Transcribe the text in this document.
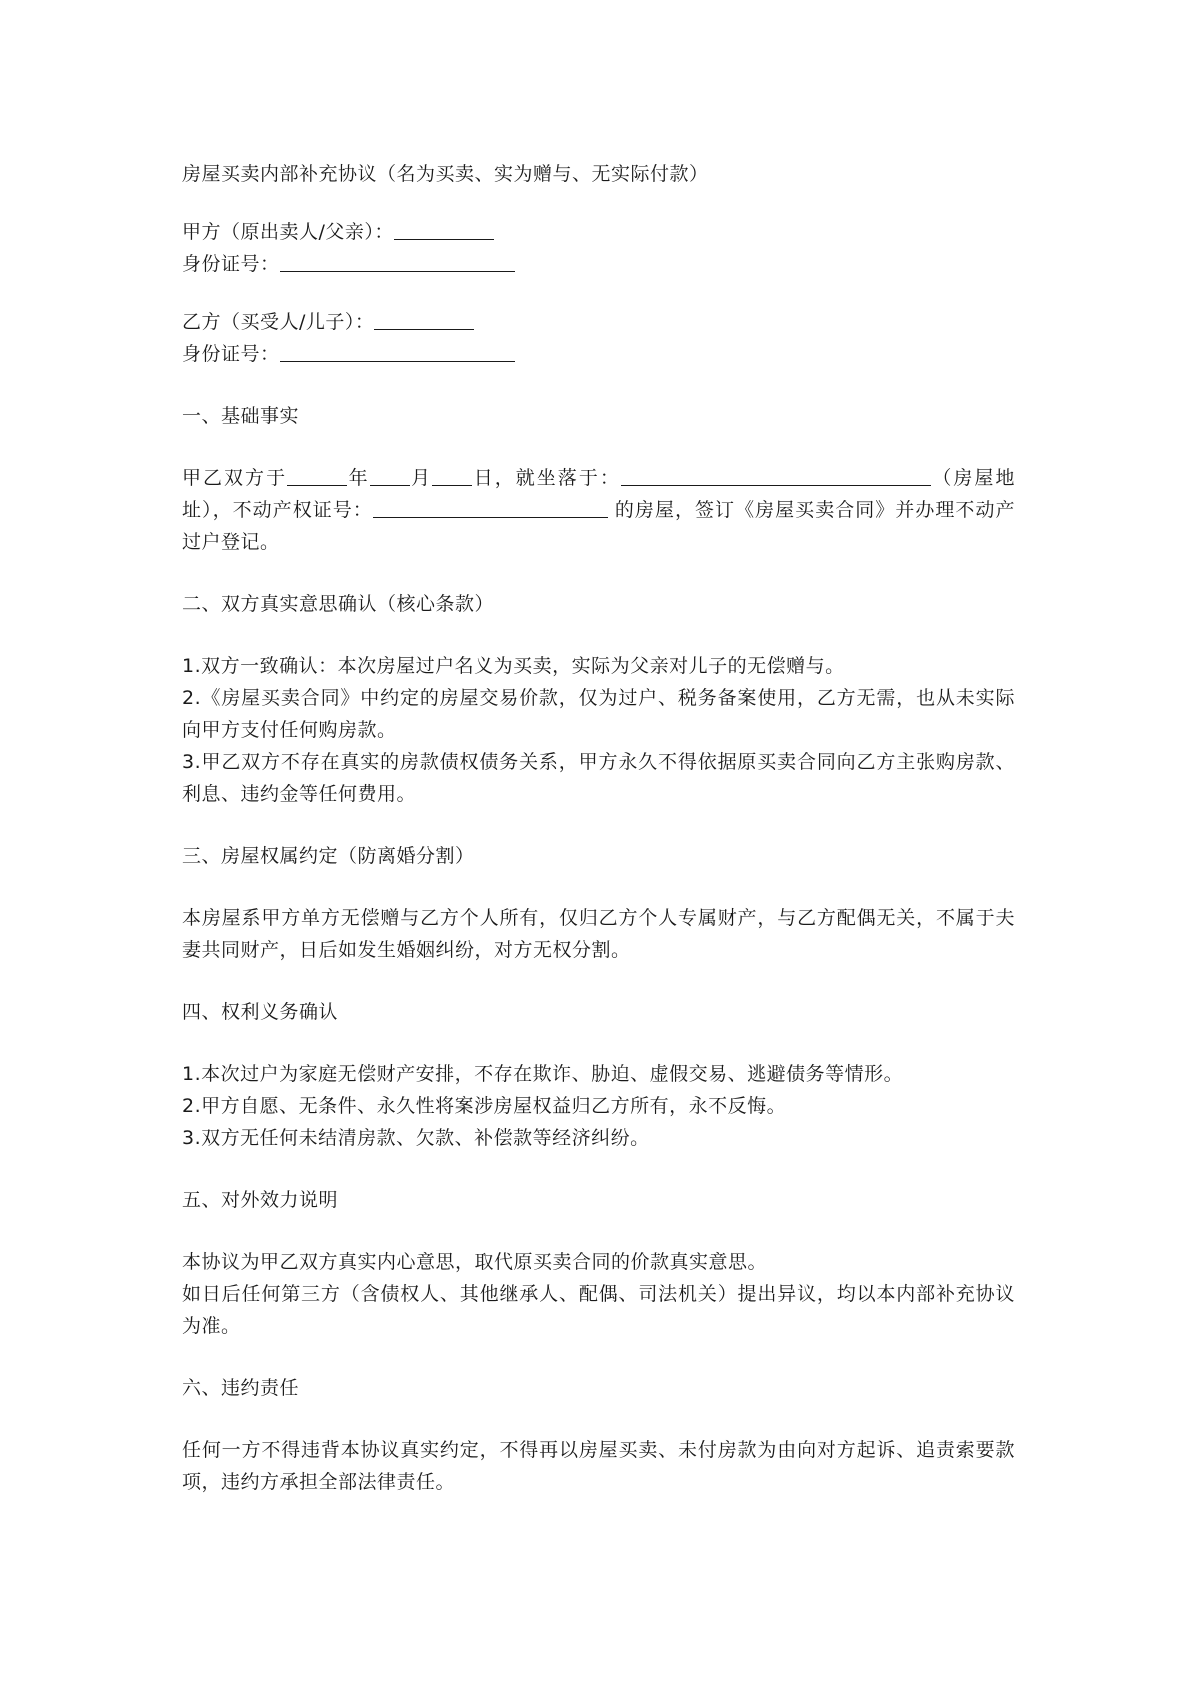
房屋买卖内部补充协议（名为买卖、实为赠与、无实际付款）

甲方（原出卖人/父亲）：

身份证号：

乙方（买受人/儿子）：

身份证号：

一、基础事实

甲乙双方于	年 月 日，就坐落于：	（房屋地址），不动产权证号：	的房屋，签订《房屋买卖合同》并办理不动产过户登记。

二、双方真实意思确认（核心条款）

1.双方一致确认：本次房屋过户名义为买卖，实际为父亲对儿子的无偿赠与。

2.《房屋买卖合同》中约定的房屋交易价款，仅为过户、税务备案使用，乙方无需，也从未实际向甲方支付任何购房款。

3.甲乙双方不存在真实的房款债权债务关系，甲方永久不得依据原买卖合同向乙方主张购房款、利息、违约金等任何费用。

三、房屋权属约定（防离婚分割）

本房屋系甲方单方无偿赠与乙方个人所有，仅归乙方个人专属财产，与乙方配偶无关，不属于夫妻共同财产，日后如发生婚姻纠纷，对方无权分割。

四、权利义务确认

1.本次过户为家庭无偿财产安排，不存在欺诈、胁迫、虚假交易、逃避债务等情形。

2.甲方自愿、无条件、永久性将案涉房屋权益归乙方所有，永不反悔。

3.双方无任何未结清房款、欠款、补偿款等经济纠纷。

五、对外效力说明

本协议为甲乙双方真实内心意思，取代原买卖合同的价款真实意思。

如日后任何第三方（含债权人、其他继承人、配偶、司法机关）提出异议，均以本内部补充协议为准。

六、违约责任

任何一方不得违背本协议真实约定，不得再以房屋买卖、未付房款为由向对方起诉、追责索要款项，违约方承担全部法律责任。
